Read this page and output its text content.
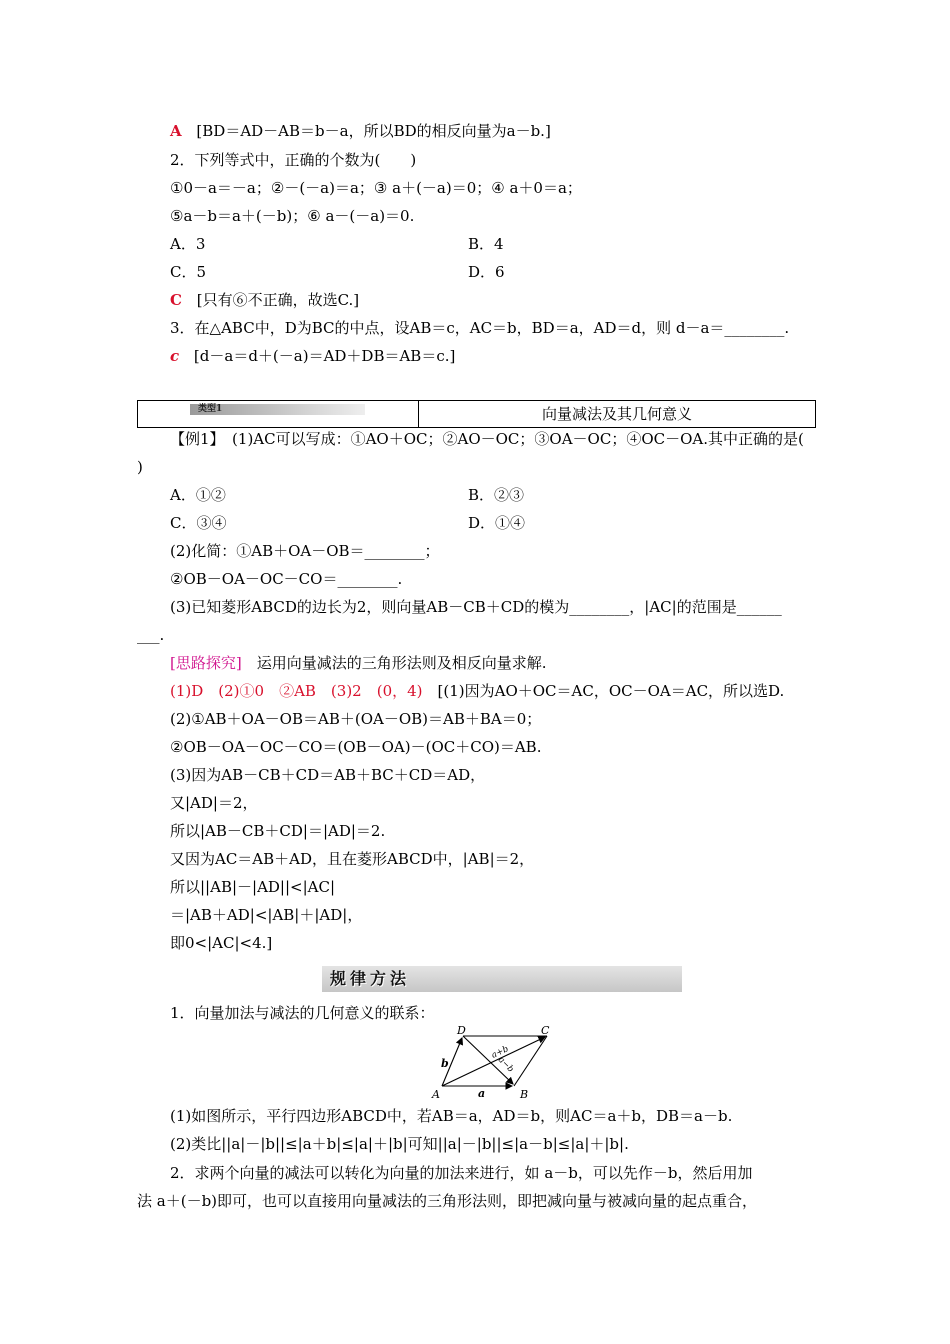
A [BD＝AD－AB＝b－a，所以BD的相反向量为a－b.]
2．下列等式中，正确的个数为(　　)
①0－a＝－a；②－(－a)＝a；③ a＋(－a)＝0；④ a＋0＝a；
⑤a－b＝a＋(－b)；⑥ a－(－a)＝0.
A．3	B．4
C．5	D．6
C [只有⑥不正确，故选C.]
3．在△ABC中，D为BC的中点，设AB＝c，AC＝b，BD＝a，AD＝d，则 d－a＝________.
c [d－a＝d＋(－a)＝AD＋DB＝AB＝c.]
类型1	向量减法及其几何意义
【例1】　(1)AC可以写成：①AO＋OC；②AO－OC；③OA－OC；④OC－OA.其中正确的是(
)
A．①②	B．②③
C．③④	D．①④
(2)化简：①AB＋OA－OB＝________；
②OB－OA－OC－CO＝________.
(3)已知菱形ABCD的边长为2，则向量AB－CB＋CD的模为________，|AC|的范围是______
___.
[思路探究]　运用向量减法的三角形法则及相反向量求解.
(1)D　(2)①0　②AB　(3)2　(0，4)　[(1)因为AO＋OC＝AC，OC－OA＝AC，所以选D.
(2)①AB＋OA－OB＝AB＋(OA－OB)＝AB＋BA＝0；
②OB－OA－OC－CO＝(OB－OA)－(OC＋CO)＝AB.
(3)因为AB－CB＋CD＝AB＋BC＋CD＝AD，
又|AD|＝2，
所以|AB－CB＋CD|＝|AD|＝2.
又因为AC＝AB＋AD，且在菱形ABCD中，|AB|＝2，
所以||AB|－|AD||<|AC|
＝|AB＋AD|<|AB|＋|AD|，
即0<|AC|<4.]
规律方法
1．向量加法与减法的几何意义的联系：
D	C
A	B
a
b
a+b
a−b
(1)如图所示，平行四边形ABCD中，若AB＝a，AD＝b，则AC＝a＋b，DB＝a－b.
(2)类比||a|－|b||≤|a＋b|≤|a|＋|b|可知||a|－|b||≤|a－b|≤|a|＋|b|.
2．求两个向量的减法可以转化为向量的加法来进行，如 a－b，可以先作－b，然后用加
法 a＋(－b)即可，也可以直接用向量减法的三角形法则，即把减向量与被减向量的起点重合，
